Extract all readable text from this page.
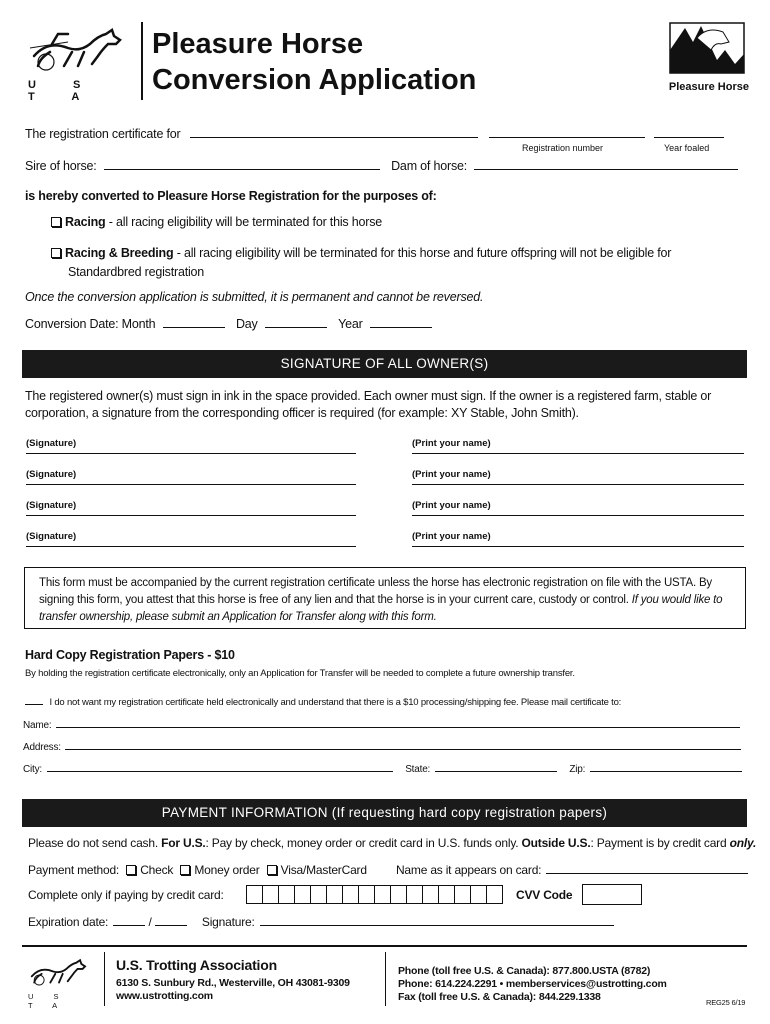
U S T A
Pleasure Horse
Conversion Application	Pleasure Horse
The registration certificate for
Registration number	Year foaled
Sire of horse:	Dam of horse:
is hereby converted to Pleasure Horse Registration for the purposes of:
Racing - all racing eligibility will be terminated for this horse
Racing & Breeding - all racing eligibility will be terminated for this horse and future offspring will not be eligible for
Standardbred registration
Once the conversion application is submitted, it is permanent and cannot be reversed.
Conversion Date: Month	Day	Year
SIGNATURE OF ALL OWNER(S)
The registered owner(s) must sign in ink in the space provided. Each owner must sign. If the owner is a registered farm, stable or
corporation, a signature from the corresponding officer is required (for example: XY Stable, John Smith).
(Signature)	(Print your name)
(Signature)	(Print your name)
(Signature)	(Print your name)
(Signature)	(Print your name)
This form must be accompanied by the current registration certificate unless the horse has electronic registration on file with the USTA. By
signing this form, you attest that this horse is free of any lien and that the horse is in your current care, custody or control. If you would like to
transfer ownership, please submit an Application for Transfer along with this form.
Hard Copy Registration Papers - $10
By holding the registration certificate electronically, only an Application for Transfer will be needed to complete a future ownership transfer.
I do not want my registration certificate held electronically and understand that there is a $10 processing/shipping fee. Please mail certificate to:
Name:
Address:
City:	State:	Zip:
PAYMENT INFORMATION (If requesting hard copy registration papers)
Please do not send cash. For U.S.: Pay by check, money order or credit card in U.S. funds only. Outside U.S.: Payment is by credit card only.
Payment method: Check Money order Visa/MasterCard Name as it appears on card:
Complete only if paying by credit card:	CVV Code
Expiration date:	/	Signature:
U S T A
U.S. Trotting Association
6130 S. Sunbury Rd., Westerville, OH 43081-9309
www.ustrotting.com
Phone (toll free U.S. & Canada): 877.800.USTA (8782)
Phone: 614.224.2291 • memberservices@ustrotting.com
Fax (toll free U.S. & Canada): 844.229.1338	REG25 6/19
